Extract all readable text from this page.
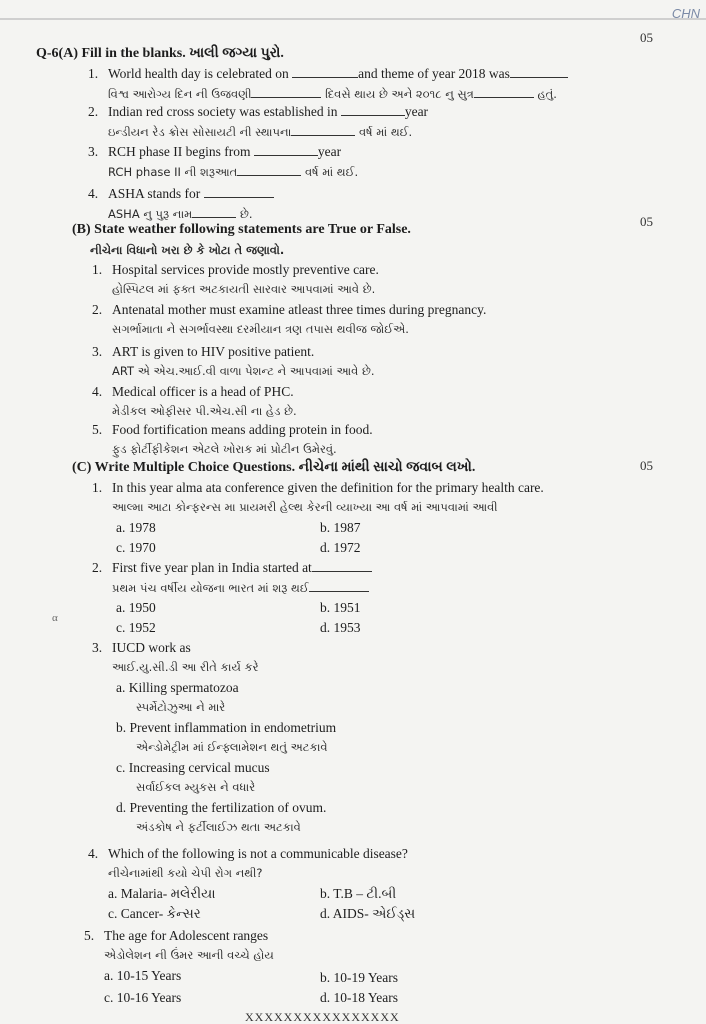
CHN
05
05
05
Q-6(A) Fill in the blanks. ખાલી જગ્યા પુરો.
1. World health day is celebrated on	and theme of year 2018 was
વિશ્વ આરોગ્ય દિન ની ઉજવણી	દિવસે થાય છે અને ૨૦૧૮ નુ સુત્ર	હતું.
2. Indian red cross society was established in	year
ઇન્ડીયન રેડ ક્રોસ સોસાયટી ની સ્થાપના	વર્ષ માં થઈ.
3. RCH phase II begins from	year
RCH phase II ની શરૂઆત	વર્ષ માં થઈ.
4. ASHA stands for
ASHA નુ પુરૂ નામ	છે.
(B) State weather following statements are True or False.
નીચેના વિધાનો ખરા છે કે ખોટા તે જણાવો.
1. Hospital services provide mostly preventive care.
હોસ્પિટલ માં ફક્ત અટકાયતી સારવાર આપવામાં આવે છે.
2. Antenatal mother must examine atleast three times during pregnancy.
સગર્ભામાતા ને સગર્ભાવસ્થા દરમીયાન ત્રણ તપાસ થવીજ જોઈએ.
3. ART is given to HIV positive patient.
ART એ એચ.આઈ.વી વાળા પેશન્ટ ને આપવામાં આવે છે.
4. Medical officer is a head of PHC.
મેડીકલ ઓફીસર પી.એચ.સી ના હેડ છે.
5. Food fortification means adding protein in food.
ફુડ ફોર્ટીફીકેશન એટલે ખોરાક માં પ્રોટીન ઉમેરવું.
(C) Write Multiple Choice Questions. નીચેના માંથી સાચો જવાબ લખો.
1. In this year alma ata conference given the definition for the primary health care.
આલ્મા આટા કોન્ફરન્સ મા પ્રાયમરી હેલ્થ કેરની વ્યાખ્યા આ વર્ષ માં આપવામાં આવી
a. 1978	b. 1987
c. 1970	d. 1972
2. First five year plan in India started at
પ્રથમ પંચ વર્ષીય યોજના ભારત માં શરૂ થઈ
a. 1950	b. 1951
c. 1952	d. 1953
α
3. IUCD work as
આઈ.યુ.સી.ડી આ રીતે કાર્ય કરે
a. Killing spermatozoa
સ્પર્મેટોઝુઆ ને મારે
b. Prevent inflammation in endometrium
એન્ડોમેટ્રીમ માં ઈન્ફ્લામેશન થતું અટકાવે
c. Increasing cervical mucus
સર્વાઈકલ મ્યુકસ ને વધારે
d. Preventing the fertilization of ovum.
અંડકોષ ને ફર્ટીલાઈઝ થતા અટકાવે
4. Which of the following is not a communicable disease?
નીચેનામાંથી કયો ચેપી રોગ નથી?
a. Malaria- મલેરીયા	b. T.B – ટી.બી
c. Cancer- કેન્સર	d. AIDS- એઈડ્સ
5. The age for Adolescent ranges
એડોલેશન ની ઉંમર આની વચ્ચે હોય
a. 10-15 Years	b. 10-19 Years
c. 10-16 Years	d. 10-18 Years
XXXXXXXXXXXXXXXX
